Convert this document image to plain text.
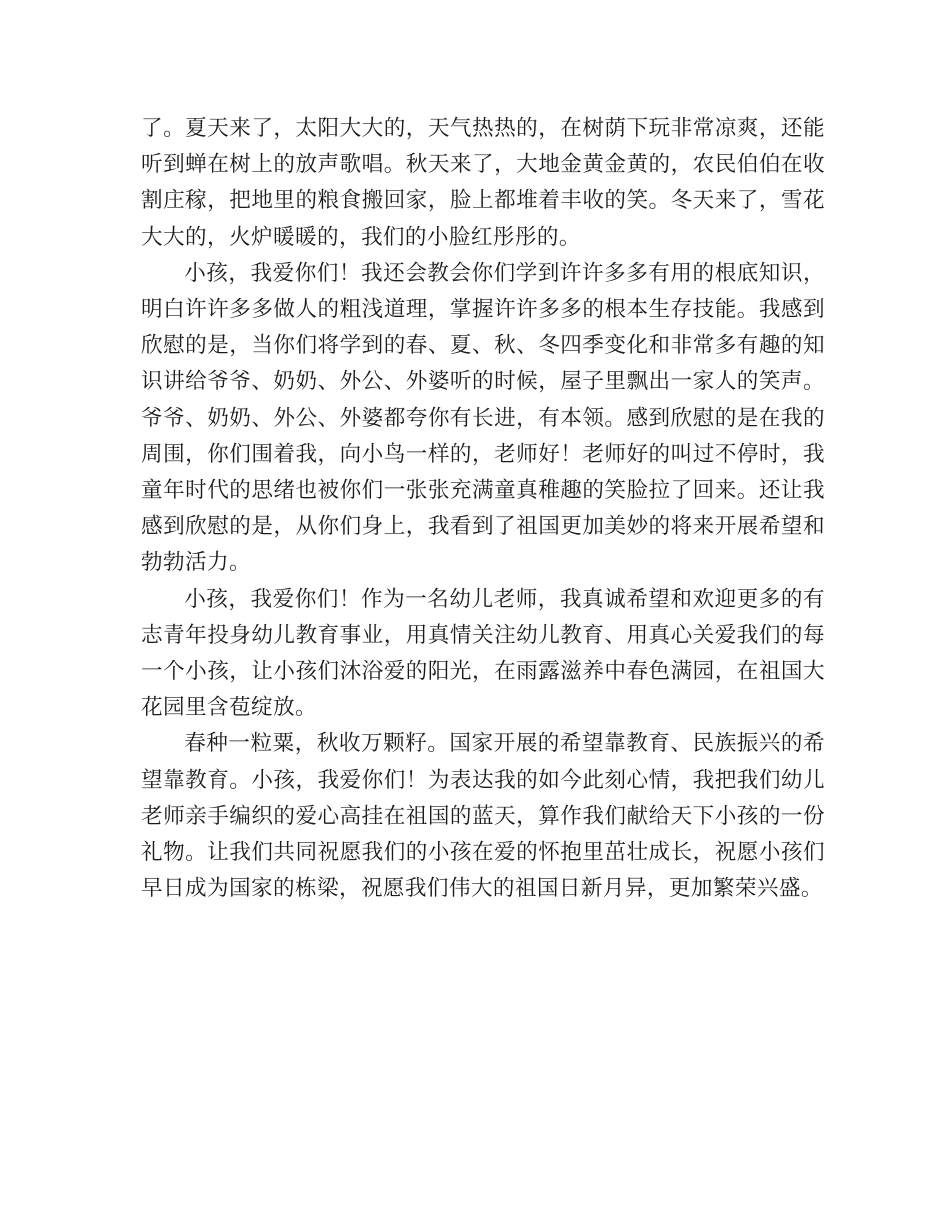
了。夏天来了，太阳大大的，天气热热的，在树荫下玩非常凉爽，还能听到蝉在树上的放声歌唱。秋天来了，大地金黄金黄的，农民伯伯在收割庄稼，把地里的粮食搬回家，脸上都堆着丰收的笑。冬天来了，雪花大大的，火炉暖暖的，我们的小脸红彤彤的。

小孩，我爱你们！我还会教会你们学到许许多多有用的根底知识，明白许许多多做人的粗浅道理，掌握许许多多的根本生存技能。我感到欣慰的是，当你们将学到的春、夏、秋、冬四季变化和非常多有趣的知识讲给爷爷、奶奶、外公、外婆听的时候，屋子里飘出一家人的笑声。爷爷、奶奶、外公、外婆都夸你有长进，有本领。感到欣慰的是在我的周围，你们围着我，向小鸟一样的，老师好！老师好的叫过不停时，我童年时代的思绪也被你们一张张充满童真稚趣的笑脸拉了回来。还让我感到欣慰的是，从你们身上，我看到了祖国更加美妙的将来开展希望和勃勃活力。

小孩，我爱你们！作为一名幼儿老师，我真诚希望和欢迎更多的有志青年投身幼儿教育事业，用真情关注幼儿教育、用真心关爱我们的每一个小孩，让小孩们沐浴爱的阳光，在雨露滋养中春色满园，在祖国大花园里含苞绽放。

春种一粒粟，秋收万颗籽。国家开展的希望靠教育、民族振兴的希望靠教育。小孩，我爱你们！为表达我的如今此刻心情，我把我们幼儿老师亲手编织的爱心高挂在祖国的蓝天，算作我们献给天下小孩的一份礼物。让我们共同祝愿我们的小孩在爱的怀抱里茁壮成长，祝愿小孩们早日成为国家的栋梁，祝愿我们伟大的祖国日新月异，更加繁荣兴盛。
